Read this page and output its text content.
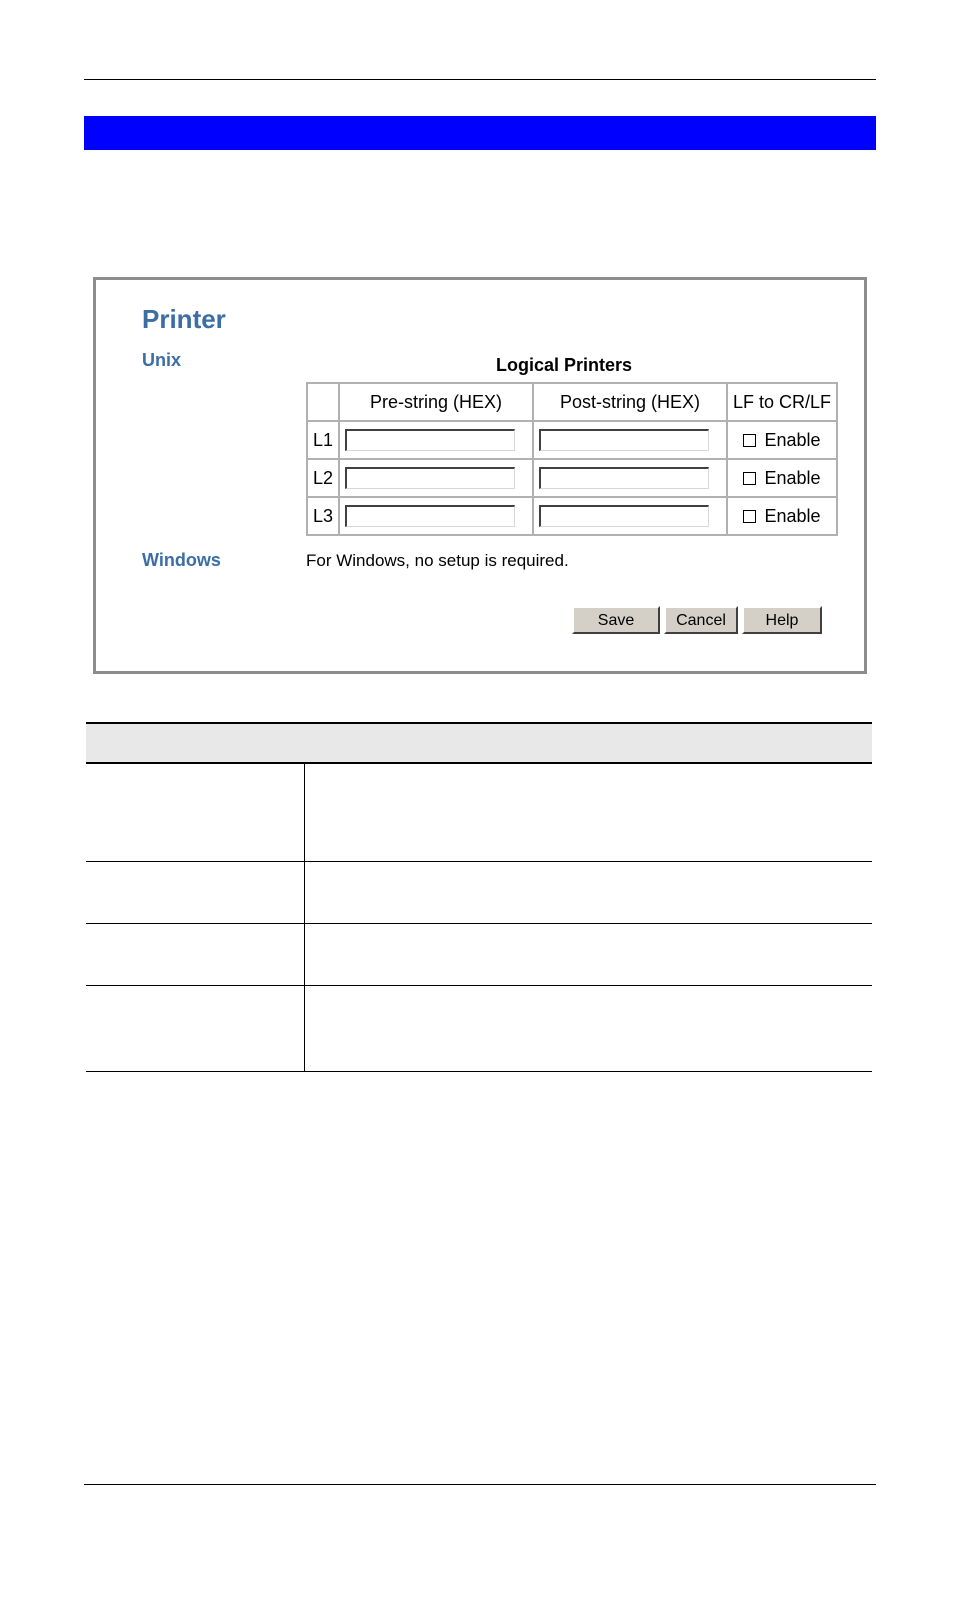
Printer
Unix	Logical Printers
	Pre-string (HEX)	Post-string (HEX)	LF to CR/LF
L1			Enable
L2			Enable
L3			Enable
Windows	For Windows, no setup is required.
Save	Cancel	Help
